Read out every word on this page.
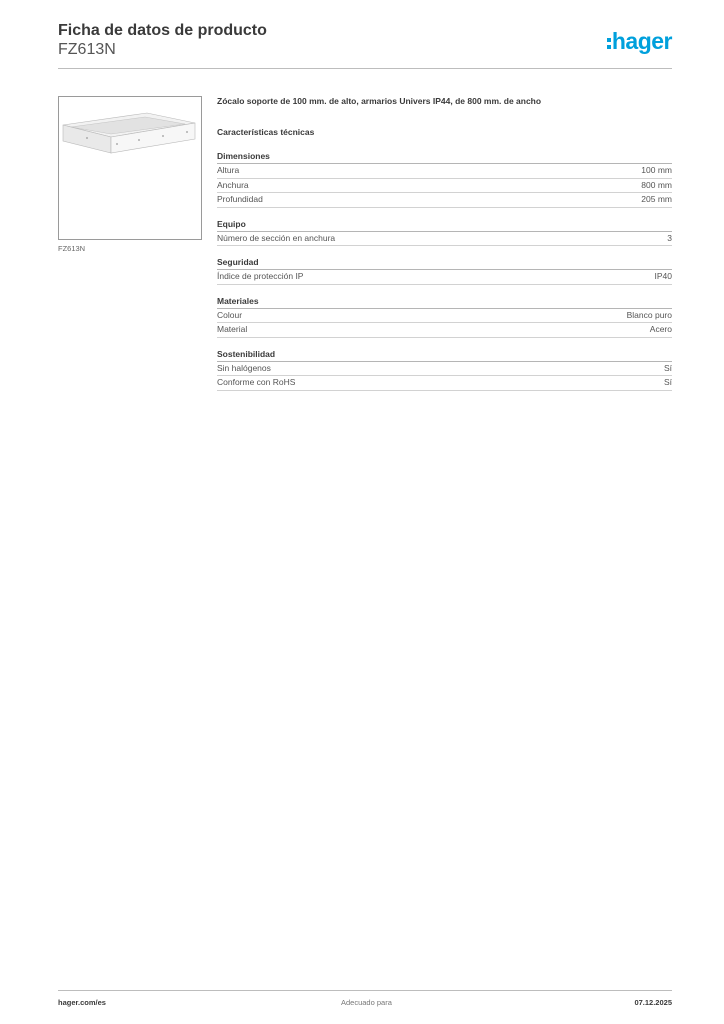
Ficha de datos de producto
FZ613N	hager
FZ613N
Zócalo soporte de 100 mm. de alto, armarios Univers IP44, de 800 mm. de ancho
Características técnicas
Dimensiones
Altura	100 mm
Anchura	800 mm
Profundidad	205 mm
Equipo
Número de sección en anchura	3
Seguridad
Índice de protección IP	IP40
Materiales
Colour	Blanco puro
Material	Acero
Sostenibilidad
Sin halógenos	Sí
Conforme con RoHS	Sí
hager.com/es	Adecuado para	07.12.2025
